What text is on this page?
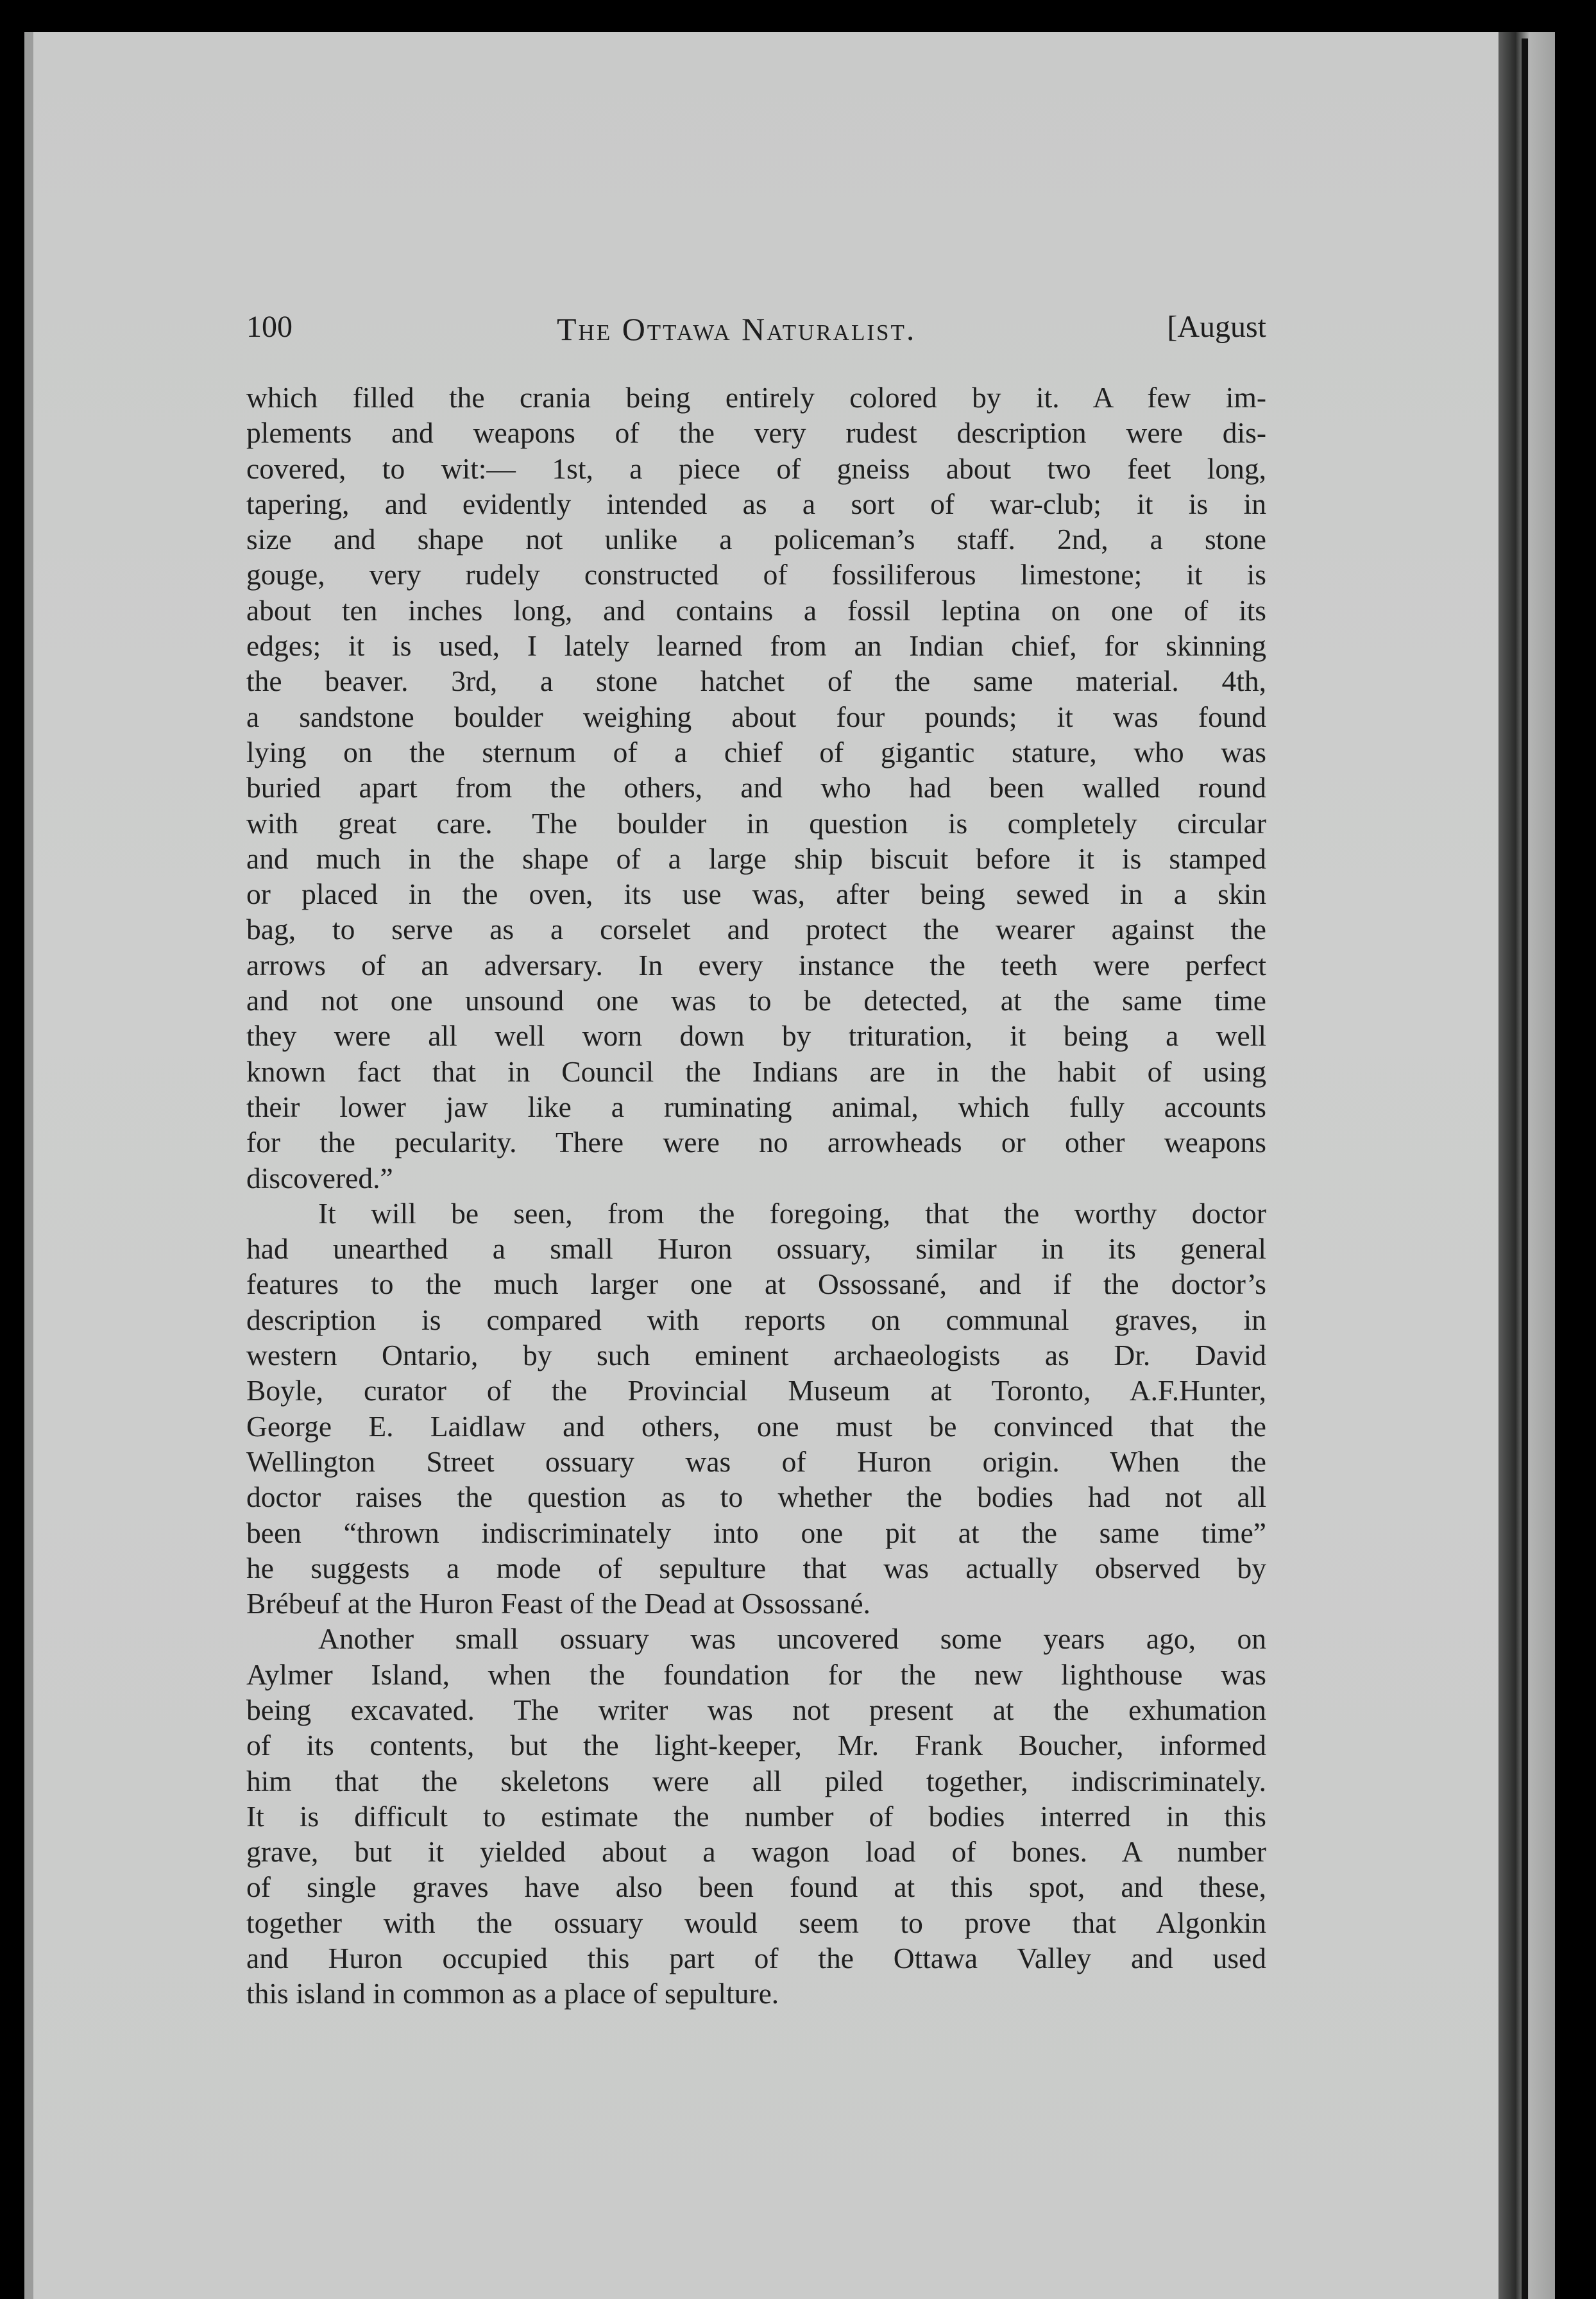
100	The Ottawa Naturalist.	[August
which filled the crania being entirely colored by it. A few im-
plements and weapons of the very rudest description were dis-
covered, to wit:— 1st, a piece of gneiss about two feet long,
tapering, and evidently intended as a sort of war-club; it is in
size and shape not unlike a policeman’s staff. 2nd, a stone
gouge, very rudely constructed of fossiliferous limestone; it is
about ten inches long, and contains a fossil leptina on one of its
edges; it is used, I lately learned from an Indian chief, for skinning
the beaver. 3rd, a stone hatchet of the same material. 4th,
a sandstone boulder weighing about four pounds; it was found
lying on the sternum of a chief of gigantic stature, who was
buried apart from the others, and who had been walled round
with great care. The boulder in question is completely circular
and much in the shape of a large ship biscuit before it is stamped
or placed in the oven, its use was, after being sewed in a skin
bag, to serve as a corselet and protect the wearer against the
arrows of an adversary. In every instance the teeth were perfect
and not one unsound one was to be detected, at the same time
they were all well worn down by trituration, it being a well
known fact that in Council the Indians are in the habit of using
their lower jaw like a ruminating animal, which fully accounts
for the pecularity. There were no arrowheads or other weapons
discovered.”
It will be seen, from the foregoing, that the worthy doctor
had unearthed a small Huron ossuary, similar in its general
features to the much larger one at Ossossané, and if the doctor’s
description is compared with reports on communal graves, in
western Ontario, by such eminent archaeologists as Dr. David
Boyle, curator of the Provincial Museum at Toronto, A.F.Hunter,
George E. Laidlaw and others, one must be convinced that the
Wellington Street ossuary was of Huron origin. When the
doctor raises the question as to whether the bodies had not all
been “thrown indiscriminately into one pit at the same time”
he suggests a mode of sepulture that was actually observed by
Brébeuf at the Huron Feast of the Dead at Ossossané.
Another small ossuary was uncovered some years ago, on
Aylmer Island, when the foundation for the new lighthouse was
being excavated. The writer was not present at the exhumation
of its contents, but the light-keeper, Mr. Frank Boucher, informed
him that the skeletons were all piled together, indiscriminately.
It is difficult to estimate the number of bodies interred in this
grave, but it yielded about a wagon load of bones. A number
of single graves have also been found at this spot, and these,
together with the ossuary would seem to prove that Algonkin
and Huron occupied this part of the Ottawa Valley and used
this island in common as a place of sepulture.
